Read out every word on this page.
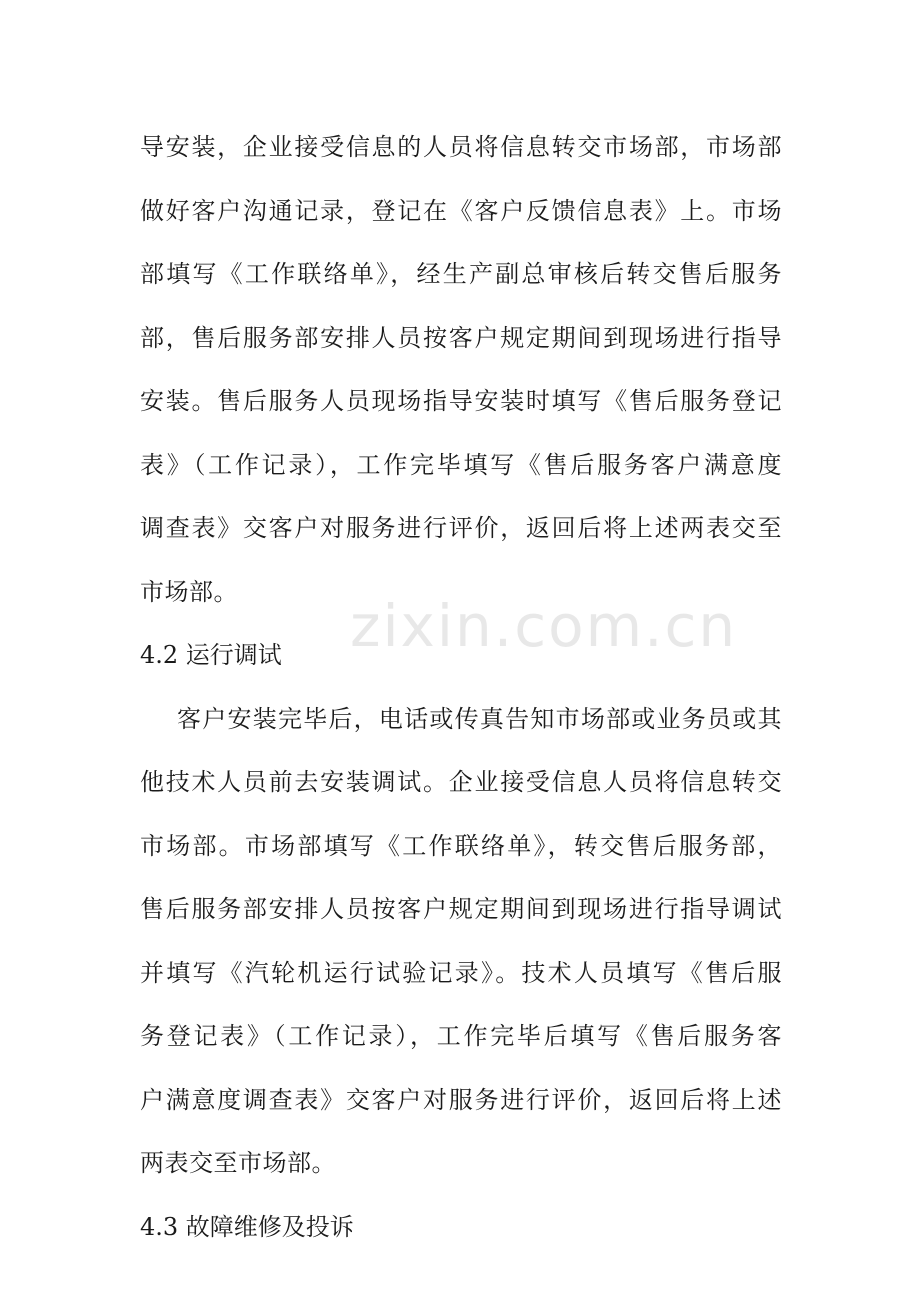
zixin.com.cn
导安装，企业接受信息的人员将信息转交市场部，市场部
做好客户沟通记录，登记在《客户反馈信息表》上。市场
部填写《工作联络单》，经生产副总审核后转交售后服务
部，售后服务部安排人员按客户规定期间到现场进行指导
安装。售后服务人员现场指导安装时填写《售后服务登记
表》（工作记录），工作完毕填写《售后服务客户满意度
调查表》交客户对服务进行评价，返回后将上述两表交至
市场部。
4.2 运行调试
客户安装完毕后，电话或传真告知市场部或业务员或其
他技术人员前去安装调试。企业接受信息人员将信息转交
市场部。市场部填写《工作联络单》，转交售后服务部，
售后服务部安排人员按客户规定期间到现场进行指导调试
并填写《汽轮机运行试验记录》。技术人员填写《售后服
务登记表》（工作记录），工作完毕后填写《售后服务客
户满意度调查表》交客户对服务进行评价，返回后将上述
两表交至市场部。
4.3 故障维修及投诉
